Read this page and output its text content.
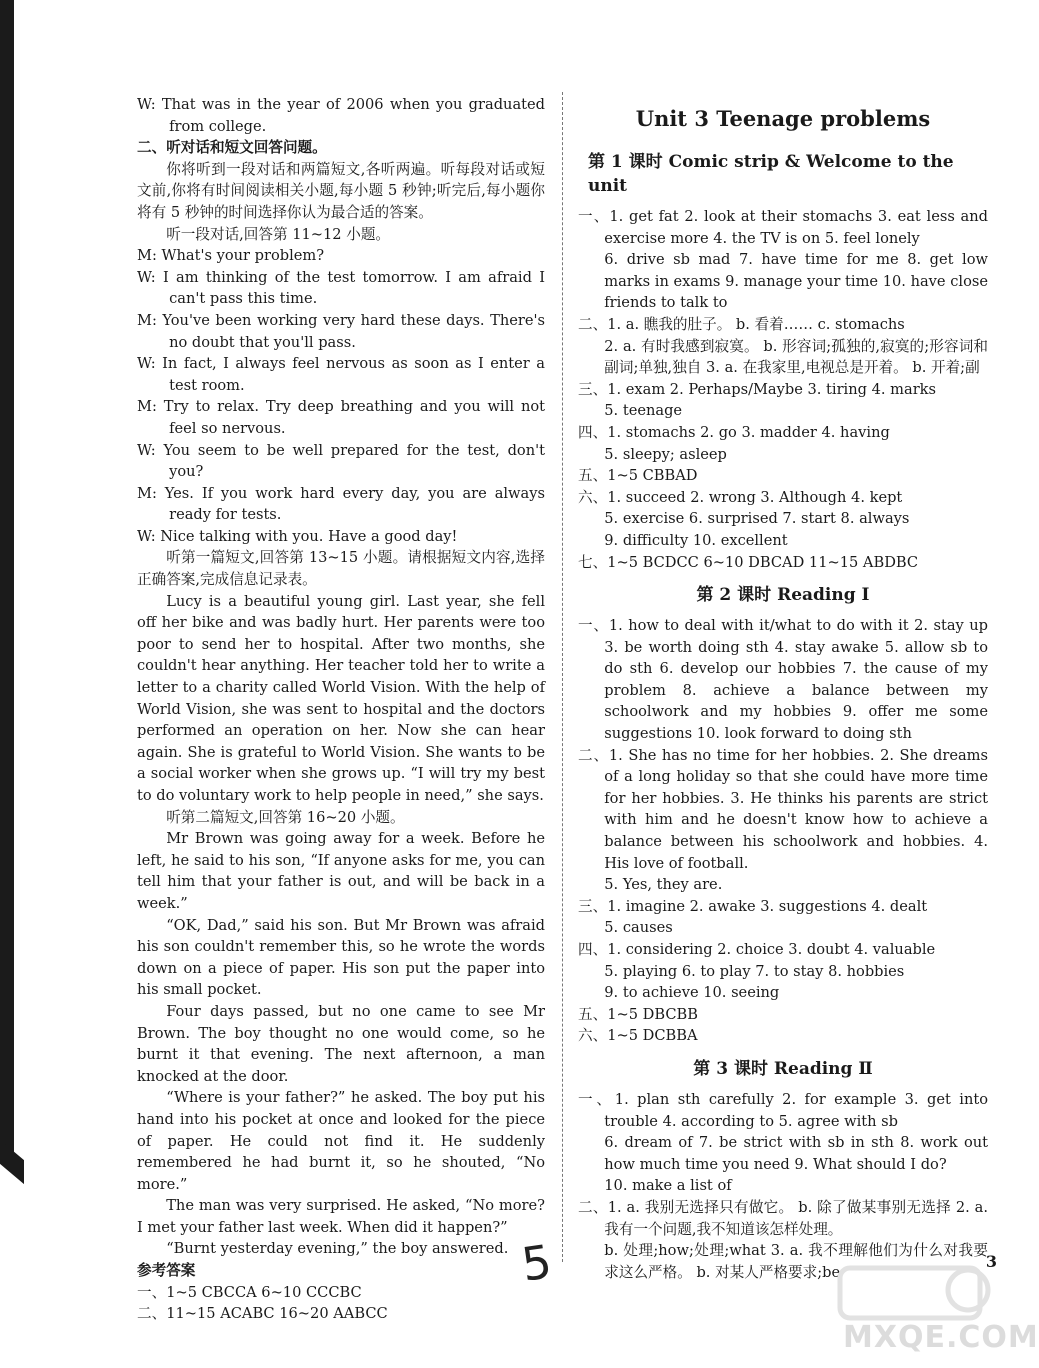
W: That was in the year of 2006 when you graduated from college.

二、听对话和短文回答问题。

你将听到一段对话和两篇短文,各听两遍。听每段对话或短文前,你将有时间阅读相关小题,每小题 5 秒钟;听完后,每小题你将有 5 秒钟的时间选择你认为最合适的答案。

听一段对话,回答第 11~12 小题。

M: What's your problem?

W: I am thinking of the test tomorrow. I am afraid I can't pass this time.

M: You've been working very hard these days. There's no doubt that you'll pass.

W: In fact, I always feel nervous as soon as I enter a test room.

M: Try to relax. Try deep breathing and you will not feel so nervous.

W: You seem to be well prepared for the test, don't you?

M: Yes. If you work hard every day, you are always ready for tests.

W: Nice talking with you. Have a good day!

听第一篇短文,回答第 13~15 小题。请根据短文内容,选择正确答案,完成信息记录表。

Lucy is a beautiful young girl. Last year, she fell off her bike and was badly hurt. Her parents were too poor to send her to hospital. After two months, she couldn't hear anything. Her teacher told her to write a letter to a charity called World Vision. With the help of World Vision, she was sent to hospital and the doctors performed an operation on her. Now she can hear again. She is grateful to World Vision. She wants to be a social worker when she grows up. “I will try my best to do voluntary work to help people in need,” she says.

听第二篇短文,回答第 16~20 小题。

Mr Brown was going away for a week. Before he left, he said to his son, “If anyone asks for me, you can tell him that your father is out, and will be back in a week.”

“OK, Dad,” said his son. But Mr Brown was afraid his son couldn't remember this, so he wrote the words down on a piece of paper. His son put the paper into his small pocket.

Four days passed, but no one came to see Mr Brown. The boy thought no one would come, so he burnt it that evening. The next afternoon, a man knocked at the door.

“Where is your father?” he asked. The boy put his hand into his pocket at once and looked for the piece of paper. He could not find it. He suddenly remembered he had burnt it, so he shouted, “No more.”

The man was very surprised. He asked, “No more? I met your father last week. When did it happen?”

“Burnt yesterday evening,” the boy answered.

参考答案

一、1~5 CBCCA 6~10 CCCBC

二、11~15 ACABC 16~20 AABCC

Unit 3 Teenage problems
第 1 课时 Comic strip & Welcome to the unit

一、1. get fat 2. look at their stomachs 3. eat less and exercise more 4. the TV is on 5. feel lonely

6. drive sb mad 7. have time for me 8. get low marks in exams 9. manage your time 10. have close friends to talk to

二、1. a. 瞧我的肚子。 b. 看着…… c. stomachs

2. a. 有时我感到寂寞。 b. 形容词;孤独的,寂寞的;形容词和副词;单独,独自 3. a. 在我家里,电视总是开着。 b. 开着;副

三、1. exam 2. Perhaps/Maybe 3. tiring 4. marks

5. teenage

四、1. stomachs 2. go 3. madder 4. having

5. sleepy; asleep

五、1~5 CBBAD

六、1. succeed 2. wrong 3. Although 4. kept

5. exercise 6. surprised 7. start 8. always

9. difficulty 10. excellent

七、1~5 BCDCC 6~10 DBCAD 11~15 ABDBC

第 2 课时 Reading Ⅰ

一、1. how to deal with it/what to do with it 2. stay up 3. be worth doing sth 4. stay awake 5. allow sb to do sth 6. develop our hobbies 7. the cause of my problem 8. achieve a balance between my schoolwork and my hobbies 9. offer me some suggestions 10. look forward to doing sth

二、1. She has no time for her hobbies. 2. She dreams of a long holiday so that she could have more time for her hobbies. 3. He thinks his parents are strict with him and he doesn't know how to achieve a balance between his schoolwork and hobbies. 4. His love of football.

5. Yes, they are.

三、1. imagine 2. awake 3. suggestions 4. dealt

5. causes

四、1. considering 2. choice 3. doubt 4. valuable

5. playing 6. to play 7. to stay 8. hobbies

9. to achieve 10. seeing

五、1~5 DBCBB

六、1~5 DCBBA

第 3 课时 Reading Ⅱ

一、1. plan sth carefully 2. for example 3. get into trouble 4. according to 5. agree with sb

6. dream of 7. be strict with sb in sth 8. work out how much time you need 9. What should I do?

10. make a list of

二、1. a. 我别无选择只有做它。 b. 除了做某事别无选择 2. a. 我有一个问题,我不知道该怎样处理。

b. 处理;how;处理;what 3. a. 我不理解他们为什么对我要求这么严格。 b. 对某人严格要求;be

5	3
MXQE.COM
